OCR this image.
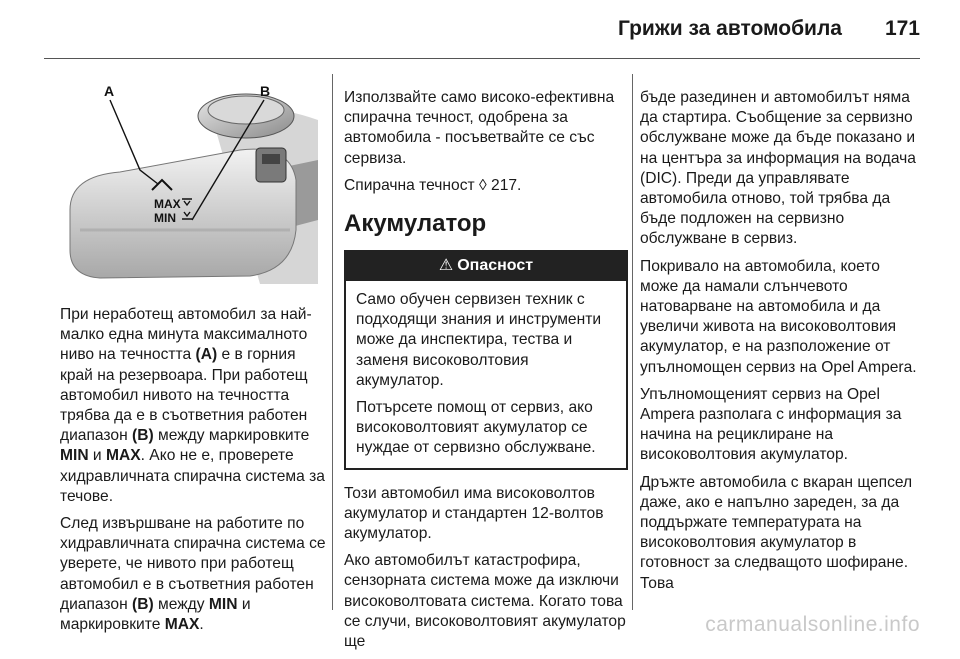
Грижи за автомобила 171
A	B
MAX
MIN

При неработещ автомобил за най-малко една минута максималното ниво на течността (A) е в горния край на резервоара. При работещ автомобил нивото на течността трябва да е в съответния работен диапазон (B) между маркировките MIN и MAX. Ако не е, проверете хидравличната спирачна система за течове.

След извършване на работите по хидравличната спирачна система се уверете, че нивото при работещ автомобил е в съответния работен диапазон (B) между MIN и маркировките MAX.

Използвайте само високо-ефективна спирачна течност, одобрена за автомобила - посъветвайте се със сервиза.

Спирачна течност ◊ 217.

Акумулатор
⚠ Опасност

Само обучен сервизен техник с подходящи знания и инструменти може да инспектира, тества и заменя високоволтовия акумулатор.

Потърсете помощ от сервиз, ако високоволтовият акумулатор се нуждае от сервизно обслужване.

Този автомобил има високоволтов акумулатор и стандартен 12-волтов акумулатор.

Ако автомобилът катастрофира, сензорната система може да изключи високоволтовата система. Когато това се случи, високоволтовият акумулатор ще

бъде разединен и автомобилът няма да стартира. Съобщение за сервизно обслужване може да бъде показано и на центъра за информация на водача (DIC). Преди да управлявате автомобила отново, той трябва да бъде подложен на сервизно обслужване в сервиз.

Покривало на автомобила, което може да намали слънчевото натоварване на автомобила и да увеличи живота на високоволтовия акумулатор, е на разположение от упълномощен сервиз на Opel Ampera.

Упълномощеният сервиз на Opel Ampera разполага с информация за начина на рециклиране на високоволтовия акумулатор.

Дръжте автомобила с вкаран щепсел даже, ако е напълно зареден, за да поддържате температурата на високоволтовия акумулатор в готовност за следващото шофиране. Това

carmanualsonline.info
